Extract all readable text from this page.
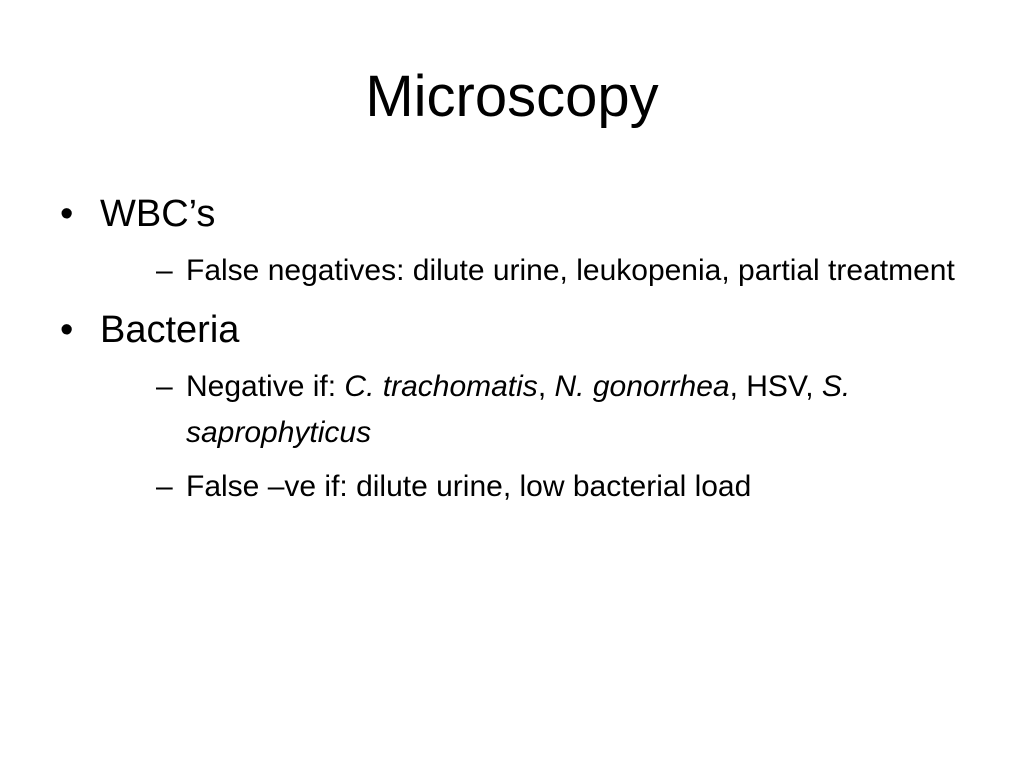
Microscopy
• WBC’s
– False negatives: dilute urine, leukopenia, partial treatment
• Bacteria
– Negative if: C. trachomatis, N. gonorrhea, HSV, S. saprophyticus
– False –ve if: dilute urine, low bacterial load
